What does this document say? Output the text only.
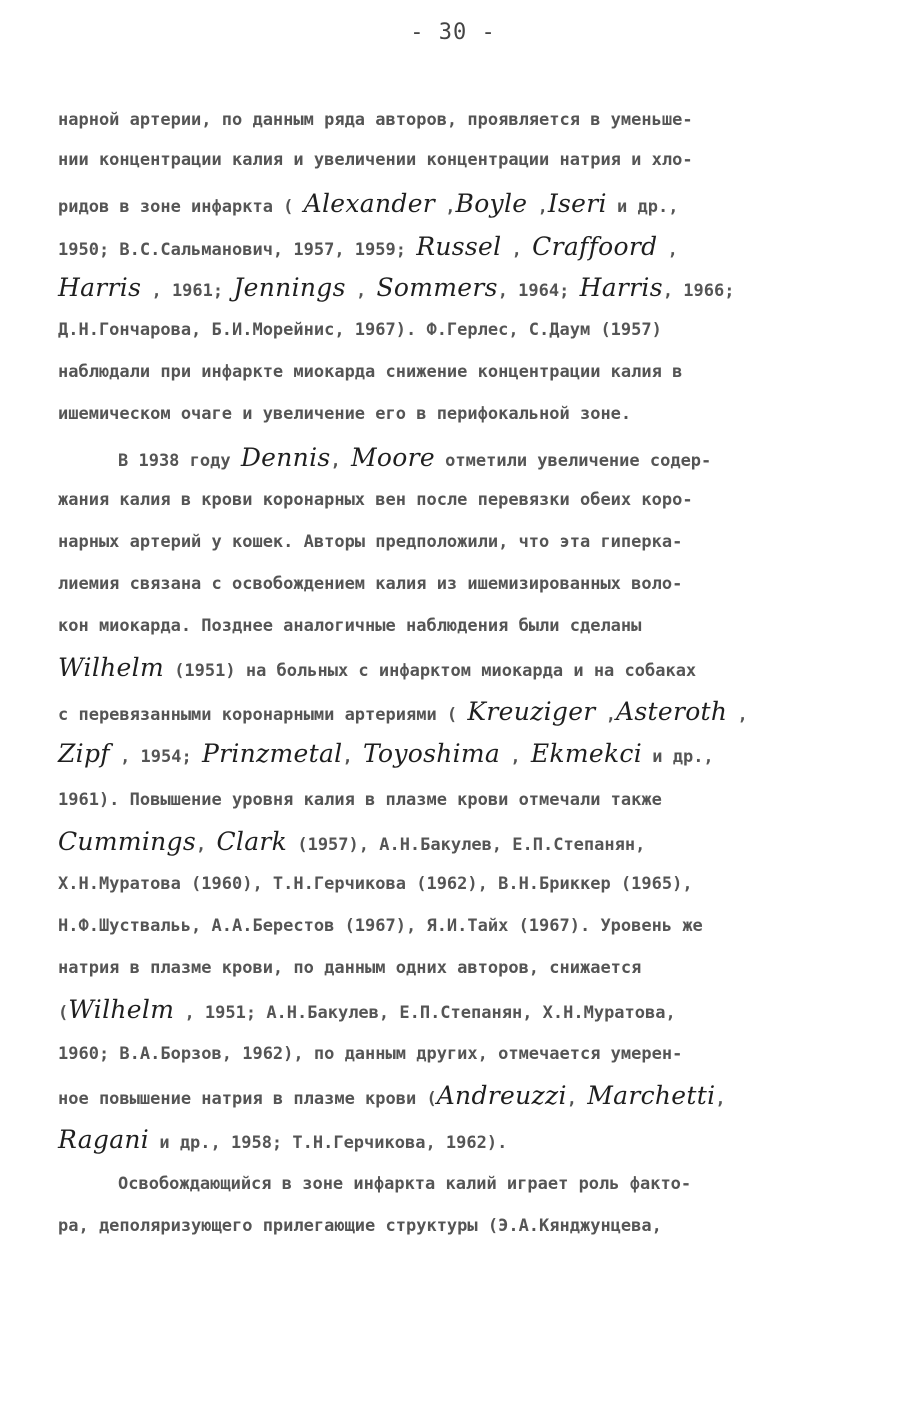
- 30 -
нарной артерии, по данным ряда авторов, проявляется в уменьше-
нии концентрации калия и увеличении концентрации натрия и хло-
ридов в зоне инфаркта ( Alexander ,Boyle ,Iseri и др.,
1950; В.С.Сальманович, 1957, 1959; Russel , Craffoord ,
Harris , 1961; Jennings , Sommers, 1964; Harris, 1966;
Д.Н.Гончарова, Б.И.Морейнис, 1967). Ф.Герлес, С.Даум (1957)
наблюдали при инфаркте миокарда снижение концентрации калия в
ишемическом очаге и увеличение его в перифокальной зоне.
В 1938 году Dennis, Moore отметили увеличение содер-
жания калия в крови коронарных вен после перевязки обеих коро-
нарных артерий у кошек. Авторы предположили, что эта гиперка-
лиемия связана с освобождением калия из ишемизированных воло-
кон миокарда. Позднее аналогичные наблюдения были сделаны
Wilhelm (1951) на больных с инфарктом миокарда и на собаках
с перевязанными коронарными артериями ( Kreuziger ,Asteroth ,
Zipf , 1954; Prinzmetal, Toyoshima , Ekmekci и др.,
1961). Повышение уровня калия в плазме крови отмечали также
Cummings, Clark (1957), А.Н.Бакулев, Е.П.Степанян,
Х.Н.Муратова (1960), Т.Н.Герчикова (1962), В.Н.Бриккер (1965),
Н.Ф.Шуствальь, А.А.Берестов (1967), Я.И.Тайх (1967). Уровень же
натрия в плазме крови, по данным одних авторов, снижается
(Wilhelm , 1951; А.Н.Бакулев, Е.П.Степанян, Х.Н.Муратова,
1960; В.А.Борзов, 1962), по данным других, отмечается умерен-
ное повышение натрия в плазме крови (Andreuzzi, Marchetti,
Ragani и др., 1958; Т.Н.Герчикова, 1962).
Освобождающийся в зоне инфаркта калий играет роль факто-
ра, деполяризующего прилегающие структуры (Э.А.Кянджунцева,
